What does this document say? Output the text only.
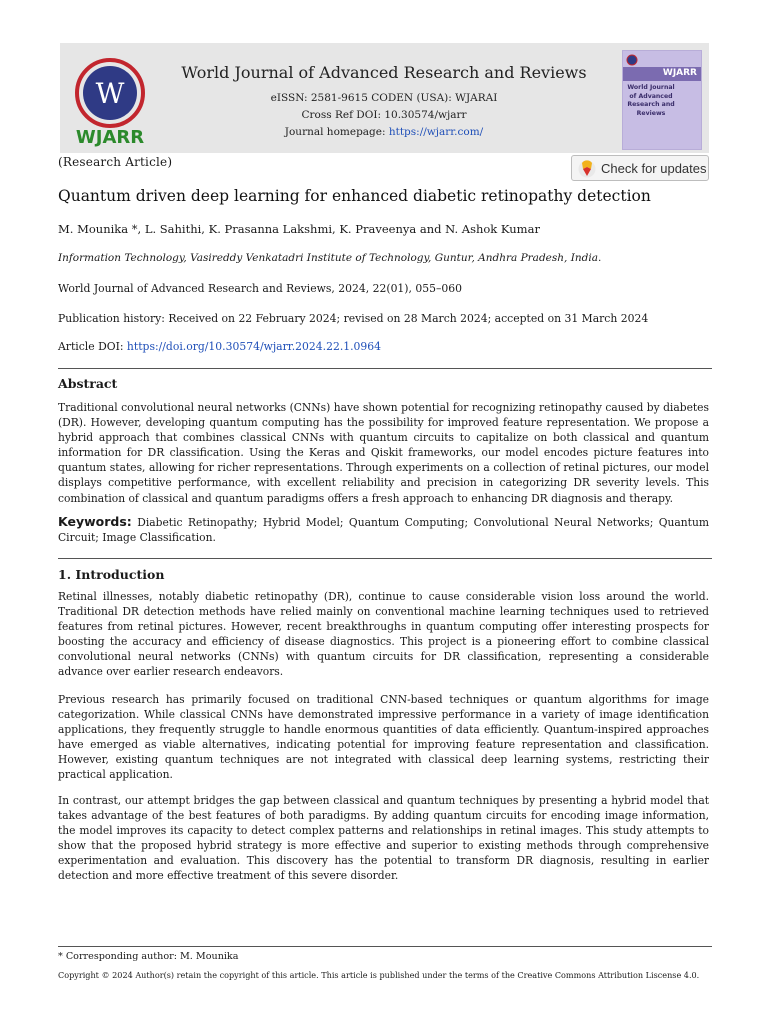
W
WJARR
World Journal of Advanced Research and Reviews
eISSN: 2581-9615 CODEN (USA): WJARAI
Cross Ref DOI: 10.30574/wjarr
Journal homepage: https://wjarr.com/
WJARR
World Journal of Advanced Research and Reviews
(Research Article)	Check for updates
Quantum driven deep learning for enhanced diabetic retinopathy detection
M. Mounika *, L. Sahithi, K. Prasanna Lakshmi, K. Praveenya and N. Ashok Kumar
Information Technology, Vasireddy Venkatadri Institute of Technology, Guntur, Andhra Pradesh, India.
World Journal of Advanced Research and Reviews, 2024, 22(01), 055–060
Publication history: Received on 22 February 2024; revised on 28 March 2024; accepted on 31 March 2024
Article DOI: https://doi.org/10.30574/wjarr.2024.22.1.0964
Abstract
Traditional convolutional neural networks (CNNs) have shown potential for recognizing retinopathy caused by diabetes (DR). However, developing quantum computing has the possibility for improved feature representation. We propose a hybrid approach that combines classical CNNs with quantum circuits to capitalize on both classical and quantum information for DR classification. Using the Keras and Qiskit frameworks, our model encodes picture features into quantum states, allowing for richer representations. Through experiments on a collection of retinal pictures, our model displays competitive performance, with excellent reliability and precision in categorizing DR severity levels. This combination of classical and quantum paradigms offers a fresh approach to enhancing DR diagnosis and therapy.
Keywords: Diabetic Retinopathy; Hybrid Model; Quantum Computing; Convolutional Neural Networks; Quantum Circuit; Image Classification.
1. Introduction
Retinal illnesses, notably diabetic retinopathy (DR), continue to cause considerable vision loss around the world. Traditional DR detection methods have relied mainly on conventional machine learning techniques used to retrieved features from retinal pictures. However, recent breakthroughs in quantum computing offer interesting prospects for boosting the accuracy and efficiency of disease diagnostics. This project is a pioneering effort to combine classical convolutional neural networks (CNNs) with quantum circuits for DR classification, representing a considerable advance over earlier research endeavors.
Previous research has primarily focused on traditional CNN-based techniques or quantum algorithms for image categorization. While classical CNNs have demonstrated impressive performance in a variety of image identification applications, they frequently struggle to handle enormous quantities of data efficiently. Quantum-inspired approaches have emerged as viable alternatives, indicating potential for improving feature representation and classification. However, existing quantum techniques are not integrated with classical deep learning systems, restricting their practical application.
In contrast, our attempt bridges the gap between classical and quantum techniques by presenting a hybrid model that takes advantage of the best features of both paradigms. By adding quantum circuits for encoding image information, the model improves its capacity to detect complex patterns and relationships in retinal images. This study attempts to show that the proposed hybrid strategy is more effective and superior to existing methods through comprehensive experimentation and evaluation. This discovery has the potential to transform DR diagnosis, resulting in earlier detection and more effective treatment of this severe disorder.
* Corresponding author: M. Mounika
Copyright © 2024 Author(s) retain the copyright of this article. This article is published under the terms of the Creative Commons Attribution Liscense 4.0.
